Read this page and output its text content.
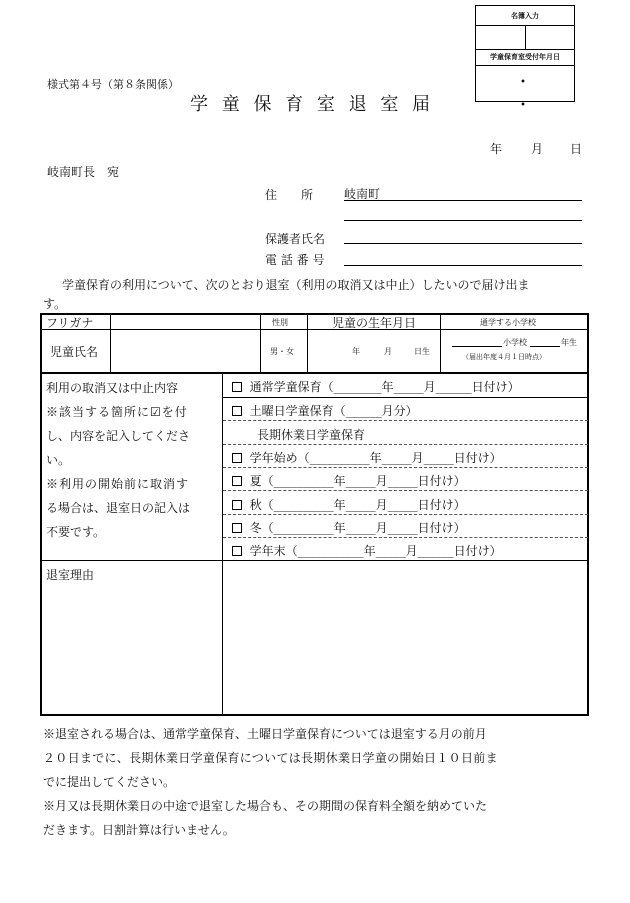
名簿入力
学童保育室受付年月日
・ ・
様式第４号（第８条関係）
学 童 保 育 室 退 室 届
年 月 日
岐南町長　宛
住　　所	岐南町
保護者氏名
電 話 番 号
学童保育の利用について、次のとおり退室（利用の取消又は中止）したいので届け出ま
す。
フリガナ	性別	児童の生年月日	通学する小学校
児童氏名	男・女	年	月	日生
小学校	年生
（届出年度４月１日時点）
利用の取消又は中止内容
※該当する箇所に☑を付
し、内容を記入してくださ
い。
※利用の開始前に取消す
る場合は、退室日の記入は
不要です。
通常学童保育（________年_____月______日付け）
土曜日学童保育（______月分）
長期休業日学童保育
学年始め（__________年_____月_____日付け）
夏（__________年_____月_____日付け）
秋（__________年_____月_____日付け）
冬（__________年_____月_____日付け）
学年末（___________年_____月______日付け）
退室理由
※退室される場合は、通常学童保育、土曜日学童保育については退室する月の前月
２０日までに、長期休業日学童保育については長期休業日学童の開始日１０日前ま
でに提出してください。
※月又は長期休業日の中途で退室した場合も、その期間の保育料全額を納めていた
だきます。日割計算は行いません。
